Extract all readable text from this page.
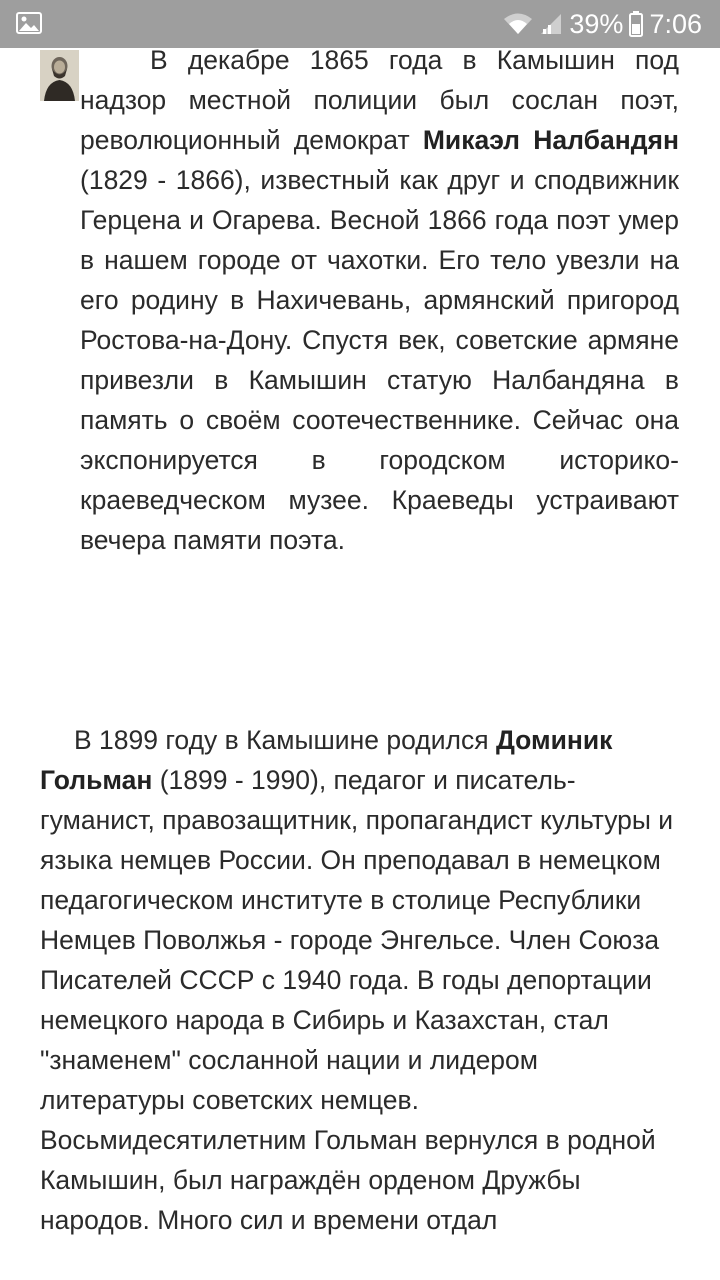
39% 7:06

В декабре 1865 года в Камышин под надзор местной полиции был сослан поэт, революционный демократ Микаэл Налбандян (1829 - 1866), известный как друг и сподвижник Герцена и Огарева. Весной 1866 года поэт умер в нашем городе от чахотки. Его тело увезли на его родину в Нахичевань, армянский пригород Ростова-на-Дону. Спустя век, советские армяне привезли в Камышин статую Налбандяна в память о своём соотечественнике. Сейчас она экспонируется в городском историко-краеведческом музее. Краеведы устраивают вечера памяти поэта.

В 1899 году в Камышине родился Доминик Гольман (1899 - 1990), педагог и писатель-гуманист, правозащитник, пропагандист культуры и языка немцев России. Он преподавал в немецком педагогическом институте в столице Республики Немцев Поволжья - городе Энгельсе. Член Союза Писателей СССР с 1940 года. В годы депортации немецкого народа в Сибирь и Казахстан, стал "знаменем" сосланной нации и лидером литературы советских немцев. Восьмидесятилетним Гольман вернулся в родной Камышин, был награждён орденом Дружбы народов. Много сил и времени отдал
